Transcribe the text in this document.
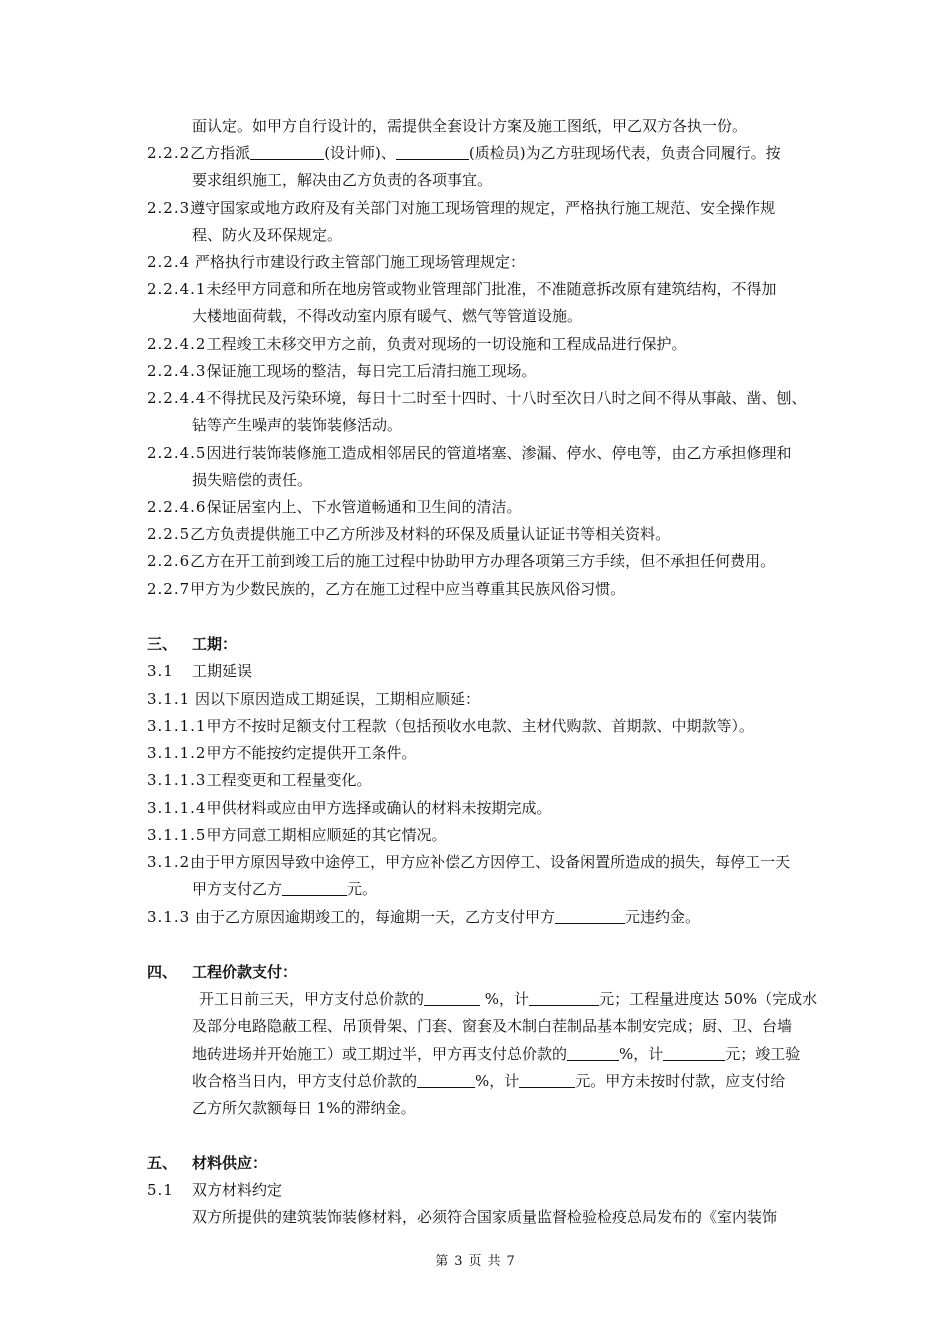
面认定。如甲方自行设计的，需提供全套设计方案及施工图纸，甲乙双方各执一份。
2.2.2乙方指派	(设计师)、	(质检员)为乙方驻现场代表，负责合同履行。按
要求组织施工，解决由乙方负责的各项事宜。
2.2.3遵守国家或地方政府及有关部门对施工现场管理的规定，严格执行施工规范、安全操作规
程、防火及环保规定。
2.2.4 严格执行市建设行政主管部门施工现场管理规定：
2.2.4.1未经甲方同意和所在地房管或物业管理部门批准，不准随意拆改原有建筑结构，不得加
大楼地面荷载，不得改动室内原有暖气、燃气等管道设施。
2.2.4.2工程竣工未移交甲方之前，负责对现场的一切设施和工程成品进行保护。
2.2.4.3保证施工现场的整洁，每日完工后清扫施工现场。
2.2.4.4不得扰民及污染环境，每日十二时至十四时、十八时至次日八时之间不得从事敲、凿、刨、
钻等产生噪声的装饰装修活动。
2.2.4.5因进行装饰装修施工造成相邻居民的管道堵塞、渗漏、停水、停电等，由乙方承担修理和
损失赔偿的责任。
2.2.4.6保证居室内上、下水管道畅通和卫生间的清洁。
2.2.5乙方负责提供施工中乙方所涉及材料的环保及质量认证证书等相关资料。
2.2.6乙方在开工前到竣工后的施工过程中协助甲方办理各项第三方手续，但不承担任何费用。
2.2.7甲方为少数民族的，乙方在施工过程中应当尊重其民族风俗习惯。
三、 工期：
3.1 工期延误
3.1.1 因以下原因造成工期延误，工期相应顺延：
3.1.1.1甲方不按时足额支付工程款（包括预收水电款、主材代购款、首期款、中期款等）。
3.1.1.2甲方不能按约定提供开工条件。
3.1.1.3工程变更和工程量变化。
3.1.1.4甲供材料或应由甲方选择或确认的材料未按期完成。
3.1.1.5甲方同意工期相应顺延的其它情况。
3.1.2由于甲方原因导致中途停工，甲方应补偿乙方因停工、设备闲置所造成的损失，每停工一天
甲方支付乙方	元。
3.1.3 由于乙方原因逾期竣工的，每逾期一天，乙方支付甲方	元违约金。
四、 工程价款支付：
开工日前三天，甲方支付总价款的	%，计	元；工程量进度达 50%（完成水
及部分电路隐蔽工程、吊顶骨架、门套、窗套及木制白茬制品基本制安完成；厨、卫、台墙
地砖进场并开始施工）或工期过半，甲方再支付总价款的	%，计	元；竣工验
收合格当日内，甲方支付总价款的	%，计	元。甲方未按时付款，应支付给
乙方所欠款额每日 1%的滞纳金。
五、 材料供应：
5.1 双方材料约定
双方所提供的建筑装饰装修材料，必须符合国家质量监督检验检疫总局发布的《室内装饰
第 3 页 共 7
